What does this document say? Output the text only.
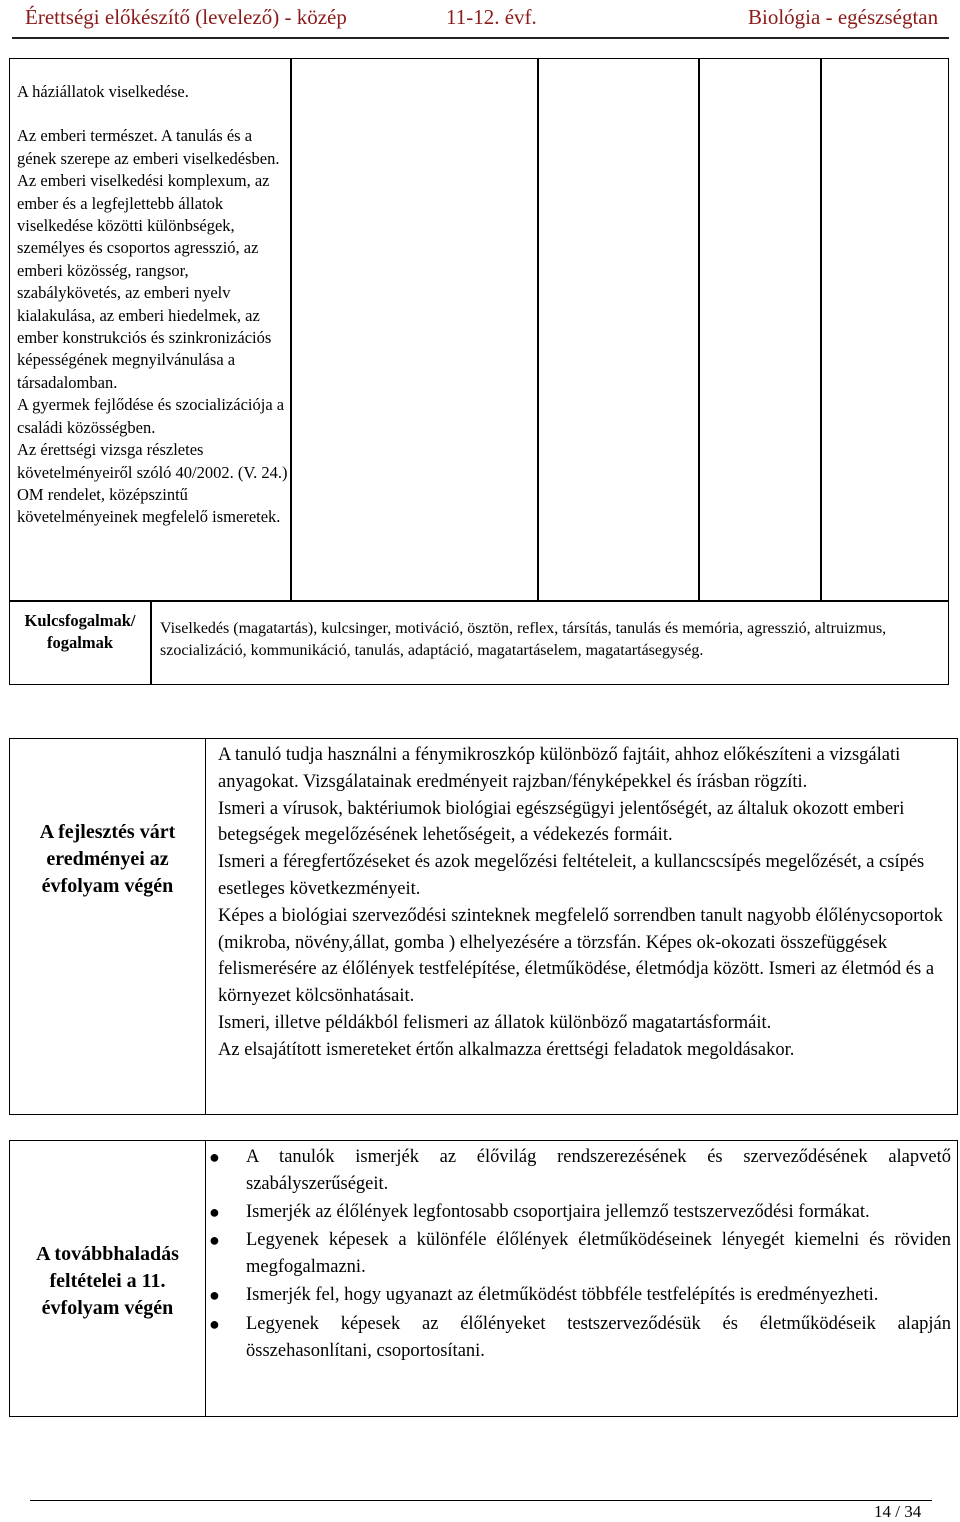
Érettségi előkészítő (levelező) - közép	11-12. évf.	Biológia - egészségtan

A háziállatok viselkedése.

Az emberi természet. A tanulás és a gének szerepe az emberi viselkedésben. Az emberi viselkedési komplexum, az ember és a legfejlettebb állatok viselkedése közötti különbségek, személyes és csoportos agresszió, az emberi közösség, rangsor, szabálykövetés, az emberi nyelv kialakulása, az emberi hiedelmek, az ember konstrukciós és szinkronizációs képességének megnyilvánulása a társadalomban.

A gyermek fejlődése és szocializációja a családi közösségben.

Az érettségi vizsga részletes követelményeiről szóló 40/2002. (V. 24.) OM rendelet, középszintű követelményeinek megfelelő ismeretek.

Kulcsfogalmak/ fogalmak
Viselkedés (magatartás), kulcsinger, motiváció, ösztön, reflex, társítás, tanulás és memória, agresszió, altruizmus, szocializáció, kommunikáció, tanulás, adaptáció, magatartáselem, magatartásegység.
A fejlesztés várt eredményei az évfolyam végén

A tanuló tudja használni a fénymikroszkóp különböző fajtáit, ahhoz előkészíteni a vizsgálati anyagokat. Vizsgálatainak eredményeit rajzban/fényképekkel és írásban rögzíti.

Ismeri a vírusok, baktériumok biológiai egészségügyi jelentőségét, az általuk okozott emberi betegségek megelőzésének lehetőségeit, a védekezés formáit.

Ismeri a féregfertőzéseket és azok megelőzési feltételeit, a kullancscsípés megelőzését, a csípés esetleges következményeit.

Képes a biológiai szerveződési szinteknek megfelelő sorrendben tanult nagyobb élőlénycsoportok (mikroba, növény,állat, gomba ) elhelyezésére a törzsfán. Képes ok-okozati összefüggések felismerésére az élőlények testfelépítése, életműködése, életmódja között. Ismeri az életmód és a környezet kölcsönhatásait.

Ismeri, illetve példákból felismeri az állatok különböző magatartásformáit.

Az elsajátított ismereteket értőn alkalmazza érettségi feladatok megoldásakor.

A továbbhaladás feltételei a 11. évfolyam végén
● A tanulók ismerjék az élővilág rendszerezésének és szerveződésének alapvető szabályszerűségeit.
● Ismerjék az élőlények legfontosabb csoportjaira jellemző testszerveződési formákat.
● Legyenek képesek a különféle élőlények életműködéseinek lényegét kiemelni és röviden megfogalmazni.
● Ismerjék fel, hogy ugyanazt az életműködést többféle testfelépítés is eredményezheti.
● Legyenek képesek az élőlényeket testszerveződésük és életműködéseik alapján összehasonlítani, csoportosítani.
14 / 34
